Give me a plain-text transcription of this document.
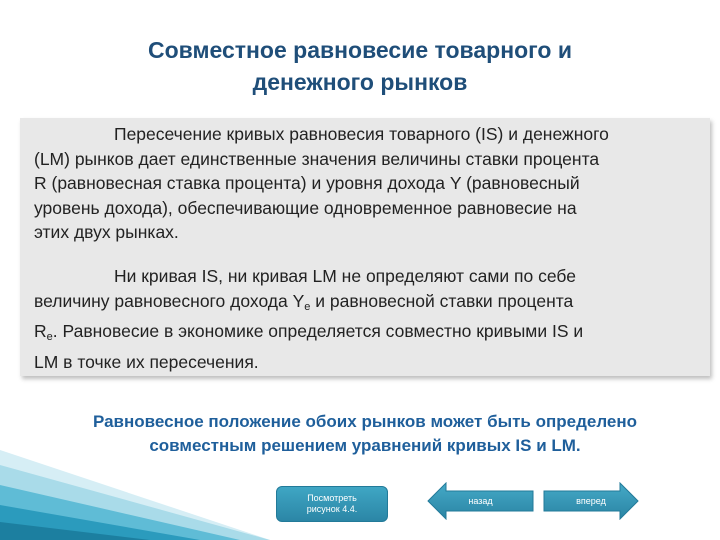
Совместное равновесие товарного и
денежного рынков
Пересечение кривых равновесия товарного (IS) и денежного
(LM) рынков дает единственные значения величины ставки процента
R (равновесная ставка процента) и уровня дохода Y (равновесный
уровень дохода), обеспечивающие одновременное равновесие на
этих двух рынках.
Ни кривая IS, ни кривая LM не определяют сами по себе
величину равновесного дохода $Y_e$ и равновесной ставки процента
$R_e$. Равновесие в экономике определяется совместно кривыми IS и
LM в точке их пересечения.
Равновесное положение обоих рынков может быть определено
совместным решением уравнений кривых IS и LM.
Посмотреть
рисунок 4.4.
назад	вперед
